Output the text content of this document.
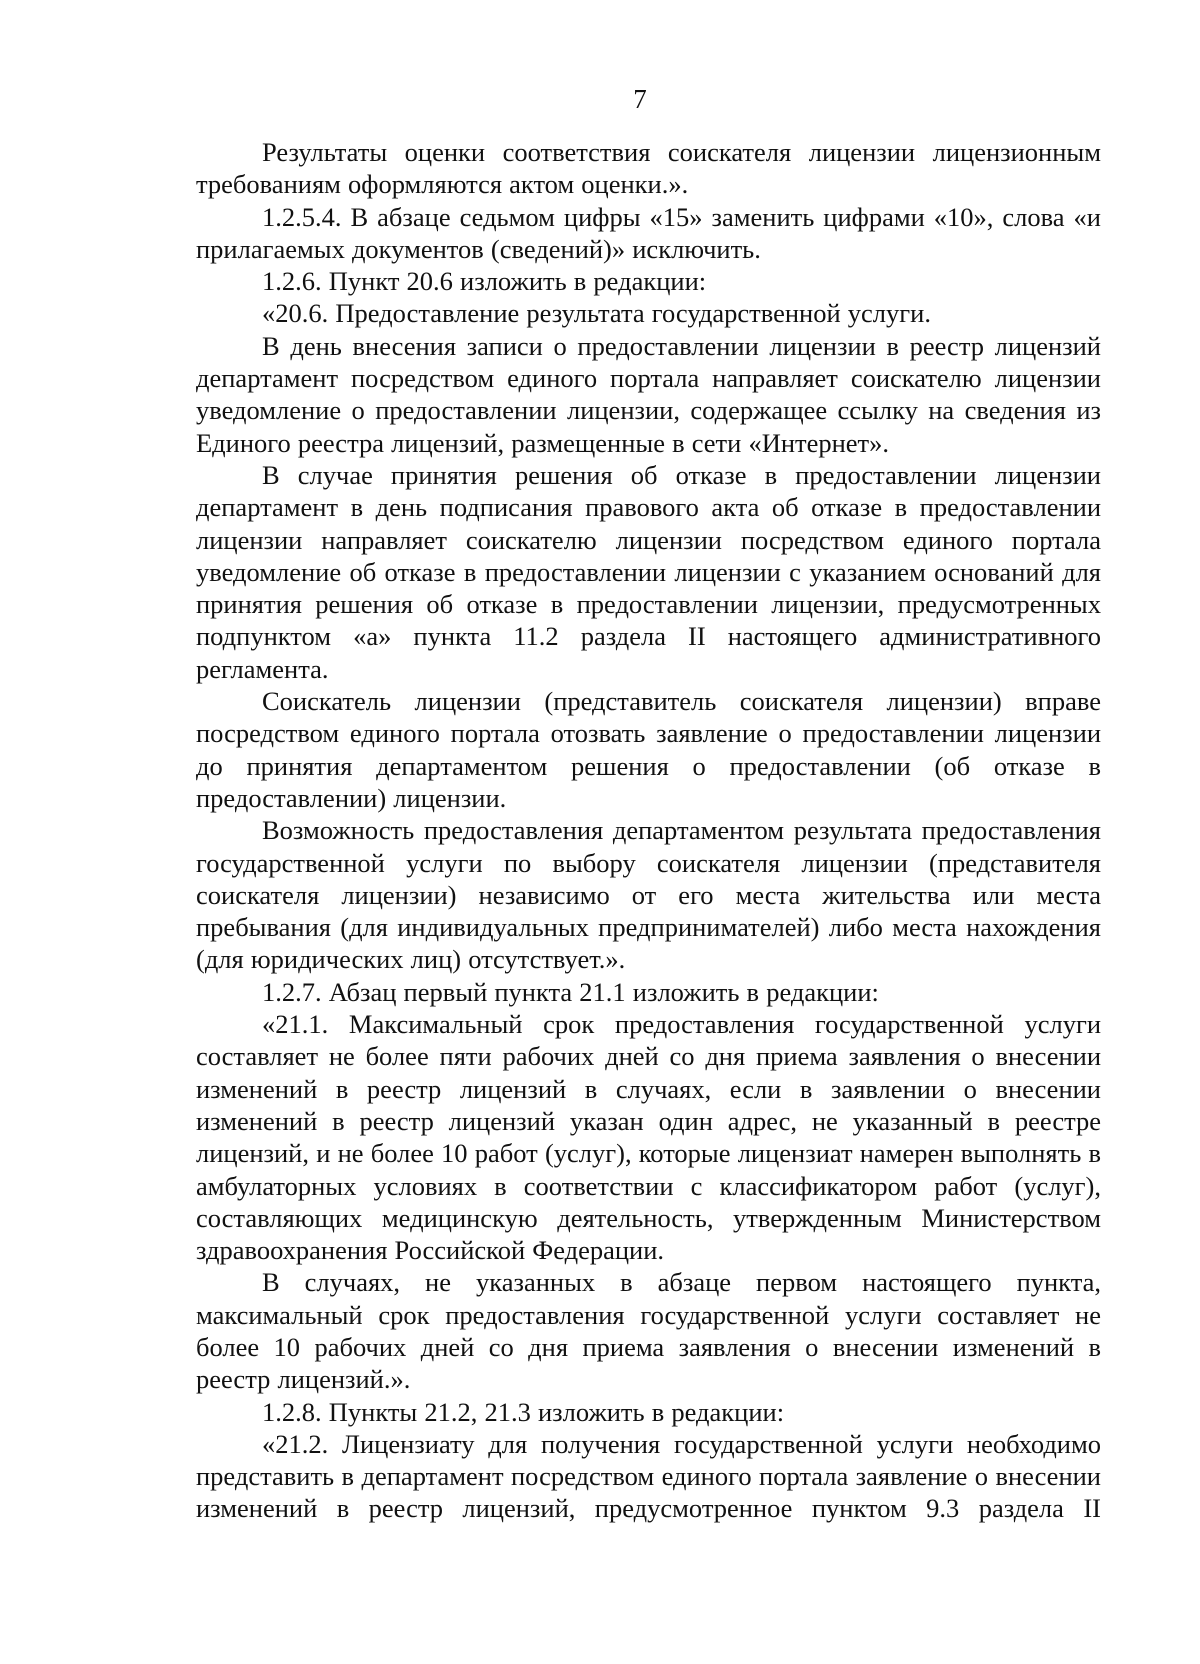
7

Результаты оценки соответствия соискателя лицензии лицензионным требованиям оформляются актом оценки.».

1.2.5.4. В абзаце седьмом цифры «15» заменить цифрами «10», слова «и прилагаемых документов (сведений)» исключить.

1.2.6. Пункт 20.6 изложить в редакции:

«20.6. Предоставление результата государственной услуги.

В день внесения записи о предоставлении лицензии в реестр лицензий департамент посредством единого портала направляет соискателю лицензии уведомление о предоставлении лицензии, содержащее ссылку на сведения из Единого реестра лицензий, размещенные в сети «Интернет».

В случае принятия решения об отказе в предоставлении лицензии департамент в день подписания правового акта об отказе в предоставлении лицензии направляет соискателю лицензии посредством единого портала уведомление об отказе в предоставлении лицензии с указанием оснований для принятия решения об отказе в предоставлении лицензии, предусмотренных подпунктом «а» пункта 11.2 раздела II настоящего административного регламента.

Соискатель лицензии (представитель соискателя лицензии) вправе посредством единого портала отозвать заявление о предоставлении лицензии до принятия департаментом решения о предоставлении (об отказе в предоставлении) лицензии.

Возможность предоставления департаментом результата предоставления государственной услуги по выбору соискателя лицензии (представителя соискателя лицензии) независимо от его места жительства или места пребывания (для индивидуальных предпринимателей) либо места нахождения (для юридических лиц) отсутствует.».

1.2.7. Абзац первый пункта 21.1 изложить в редакции:

«21.1. Максимальный срок предоставления государственной услуги составляет не более пяти рабочих дней со дня приема заявления о внесении изменений в реестр лицензий в случаях, если в заявлении о внесении изменений в реестр лицензий указан один адрес, не указанный в реестре лицензий, и не более 10 работ (услуг), которые лицензиат намерен выполнять в амбулаторных условиях в соответствии с классификатором работ (услуг), составляющих медицинскую деятельность, утвержденным Министерством здравоохранения Российской Федерации.

В случаях, не указанных в абзаце первом настоящего пункта, максимальный срок предоставления государственной услуги составляет не более 10 рабочих дней со дня приема заявления о внесении изменений в реестр лицензий.».

1.2.8. Пункты 21.2, 21.3 изложить в редакции:

«21.2. Лицензиату для получения государственной услуги необходимо представить в департамент посредством единого портала заявление о внесении изменений в реестр лицензий, предусмотренное пунктом 9.3 раздела II
